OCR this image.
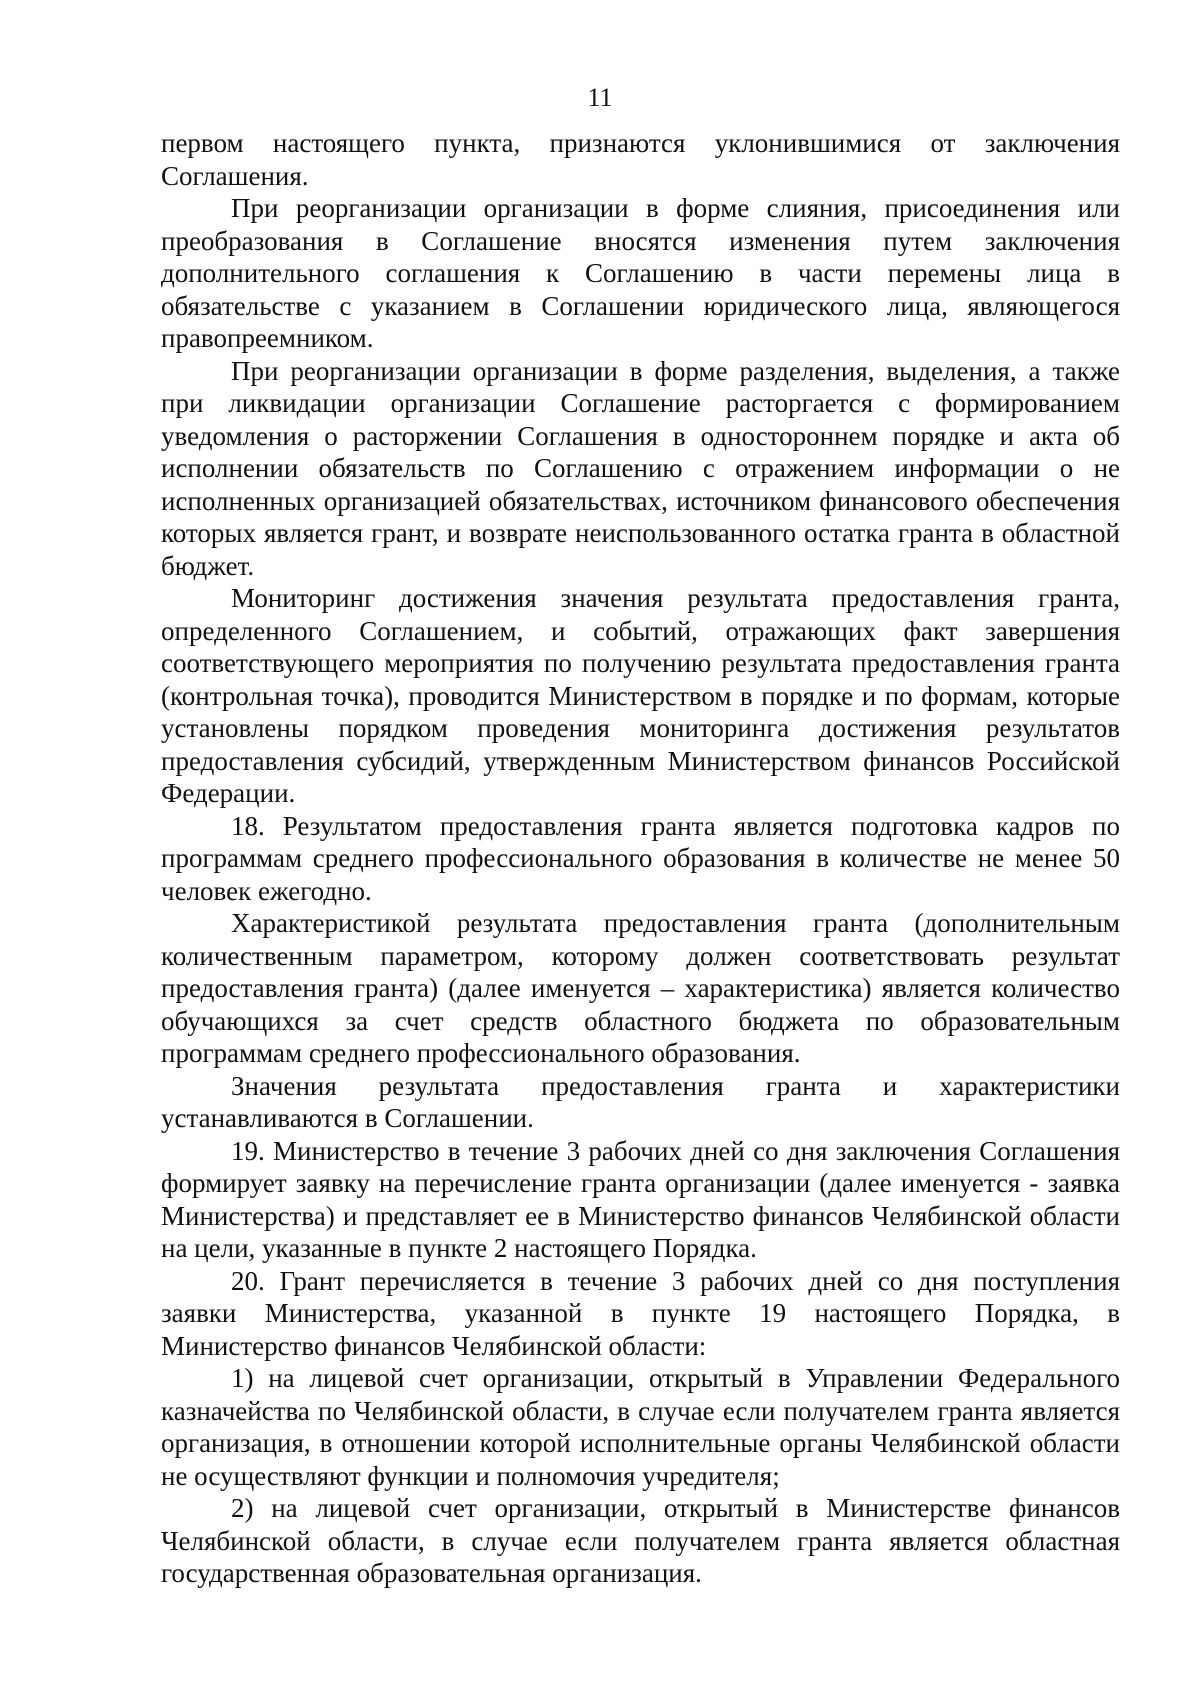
11

первом настоящего пункта, признаются уклонившимися от заключения Соглашения.

При реорганизации организации в форме слияния, присоединения или преобразования в Соглашение вносятся изменения путем заключения дополнительного соглашения к Соглашению в части перемены лица в обязательстве с указанием в Соглашении юридического лица, являющегося правопреемником.

При реорганизации организации в форме разделения, выделения, а также при ликвидации организации Соглашение расторгается с формированием уведомления о расторжении Соглашения в одностороннем порядке и акта об исполнении обязательств по Соглашению с отражением информации о не исполненных организацией обязательствах, источником финансового обеспечения которых является грант, и возврате неиспользованного остатка гранта в областной бюджет.

Мониторинг достижения значения результата предоставления гранта, определенного Соглашением, и событий, отражающих факт завершения соответствующего мероприятия по получению результата предоставления гранта (контрольная точка), проводится Министерством в порядке и по формам, которые установлены порядком проведения мониторинга достижения результатов предоставления субсидий, утвержденным Министерством финансов Российской Федерации.

18. Результатом предоставления гранта является подготовка кадров по программам среднего профессионального образования в количестве не менее 50 человек ежегодно.

Характеристикой результата предоставления гранта (дополнительным количественным параметром, которому должен соответствовать результат предоставления гранта) (далее именуется – характеристика) является количество обучающихся за счет средств областного бюджета по образовательным программам среднего профессионального образования.

Значения результата предоставления гранта и характеристики устанавливаются в Соглашении.

19. Министерство в течение 3 рабочих дней со дня заключения Соглашения формирует заявку на перечисление гранта организации (далее именуется - заявка Министерства) и представляет ее в Министерство финансов Челябинской области на цели, указанные в пункте 2 настоящего Порядка.

20. Грант перечисляется в течение 3 рабочих дней со дня поступления заявки Министерства, указанной в пункте 19 настоящего Порядка, в Министерство финансов Челябинской области:

1) на лицевой счет организации, открытый в Управлении Федерального казначейства по Челябинской области, в случае если получателем гранта является организация, в отношении которой исполнительные органы Челябинской области не осуществляют функции и полномочия учредителя;

2) на лицевой счет организации, открытый в Министерстве финансов Челябинской области, в случае если получателем гранта является областная государственная образовательная организация.
